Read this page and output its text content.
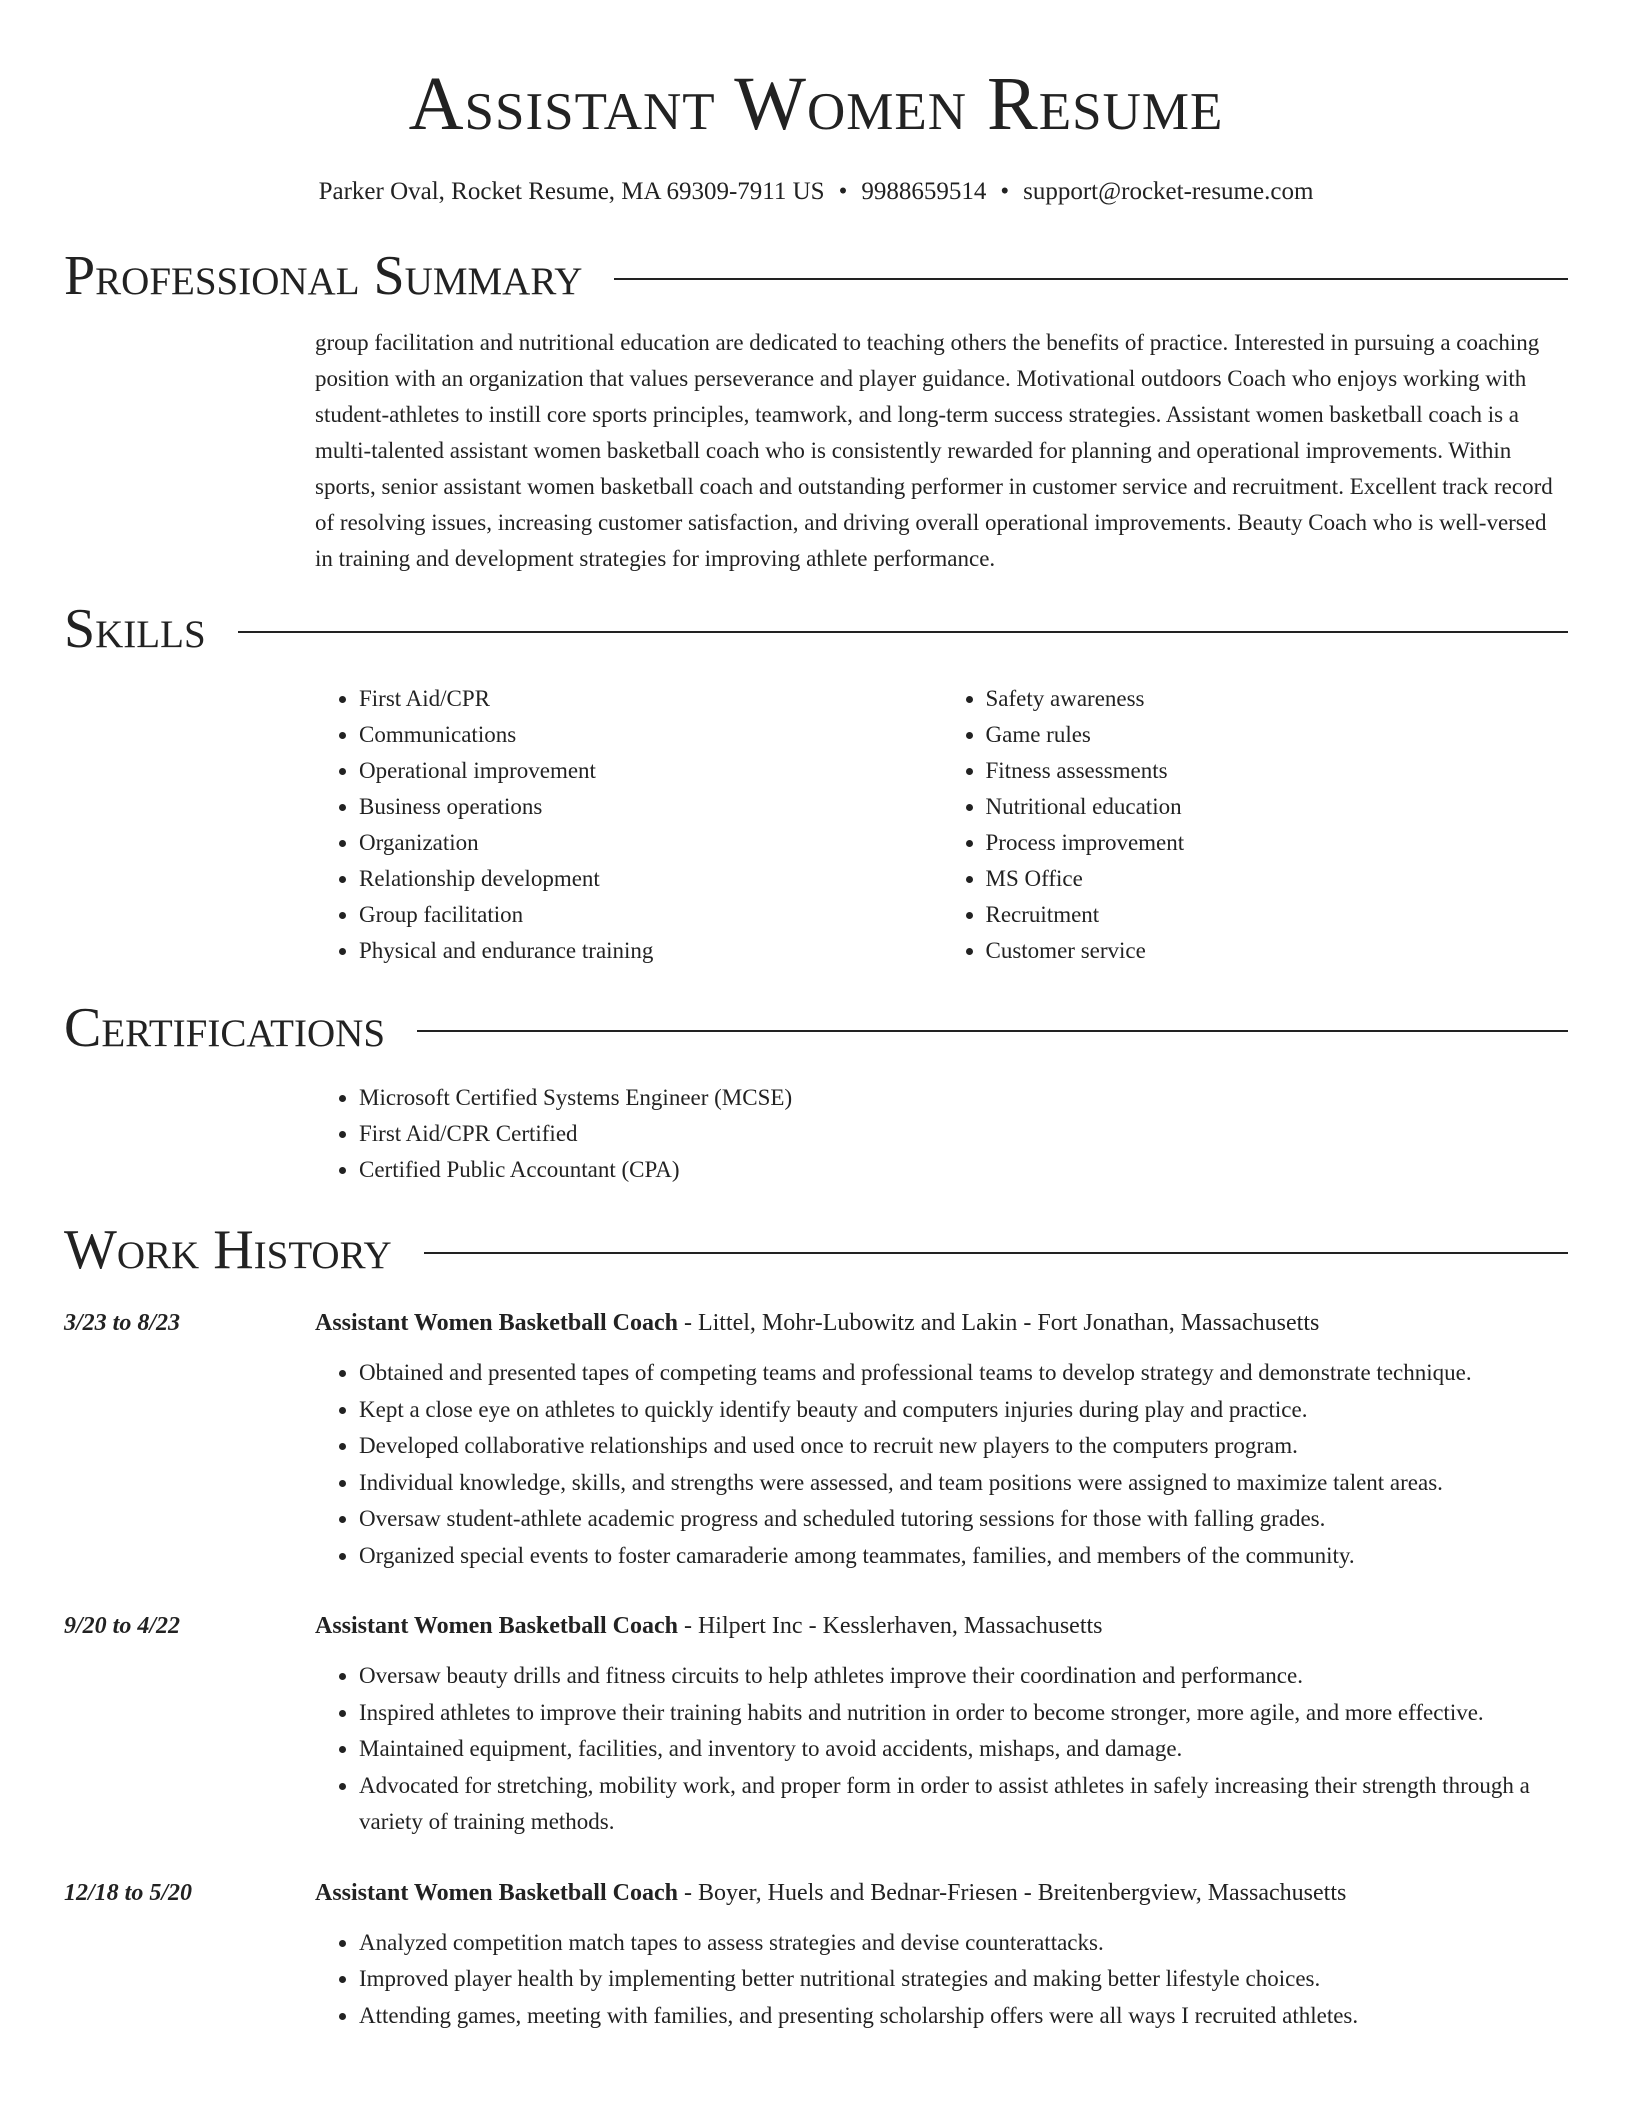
Assistant Women Resume
Parker Oval, Rocket Resume, MA 69309-7911 US • 9988659514 • support@rocket-resume.com
Professional Summary

group facilitation and nutritional education are dedicated to teaching others the benefits of practice. Interested in pursuing a coaching position with an organization that values perseverance and player guidance. Motivational outdoors Coach who enjoys working with student-athletes to instill core sports principles, teamwork, and long-term success strategies. Assistant women basketball coach is a multi-talented assistant women basketball coach who is consistently rewarded for planning and operational improvements. Within sports, senior assistant women basketball coach and outstanding performer in customer service and recruitment. Excellent track record of resolving issues, increasing customer satisfaction, and driving overall operational improvements. Beauty Coach who is well-versed in training and development strategies for improving athlete performance.

Skills
• First Aid/CPR
• Communications
• Operational improvement
• Business operations
• Organization
• Relationship development
• Group facilitation
• Physical and endurance training
• Safety awareness
• Game rules
• Fitness assessments
• Nutritional education
• Process improvement
• MS Office
• Recruitment
• Customer service
Certifications
• Microsoft Certified Systems Engineer (MCSE)
• First Aid/CPR Certified
• Certified Public Accountant (CPA)
Work History
3/23 to 8/23	Assistant Women Basketball Coach - Littel, Mohr-Lubowitz and Lakin - Fort Jonathan, Massachusetts
• Obtained and presented tapes of competing teams and professional teams to develop strategy and demonstrate technique.
• Kept a close eye on athletes to quickly identify beauty and computers injuries during play and practice.
• Developed collaborative relationships and used once to recruit new players to the computers program.
• Individual knowledge, skills, and strengths were assessed, and team positions were assigned to maximize talent areas.
• Oversaw student-athlete academic progress and scheduled tutoring sessions for those with falling grades.
• Organized special events to foster camaraderie among teammates, families, and members of the community.
9/20 to 4/22	Assistant Women Basketball Coach - Hilpert Inc - Kesslerhaven, Massachusetts
• Oversaw beauty drills and fitness circuits to help athletes improve their coordination and performance.
• Inspired athletes to improve their training habits and nutrition in order to become stronger, more agile, and more effective.
• Maintained equipment, facilities, and inventory to avoid accidents, mishaps, and damage.
• Advocated for stretching, mobility work, and proper form in order to assist athletes in safely increasing their strength through a variety of training methods.
12/18 to 5/20	Assistant Women Basketball Coach - Boyer, Huels and Bednar-Friesen - Breitenbergview, Massachusetts
• Analyzed competition match tapes to assess strategies and devise counterattacks.
• Improved player health by implementing better nutritional strategies and making better lifestyle choices.
• Attending games, meeting with families, and presenting scholarship offers were all ways I recruited athletes.
